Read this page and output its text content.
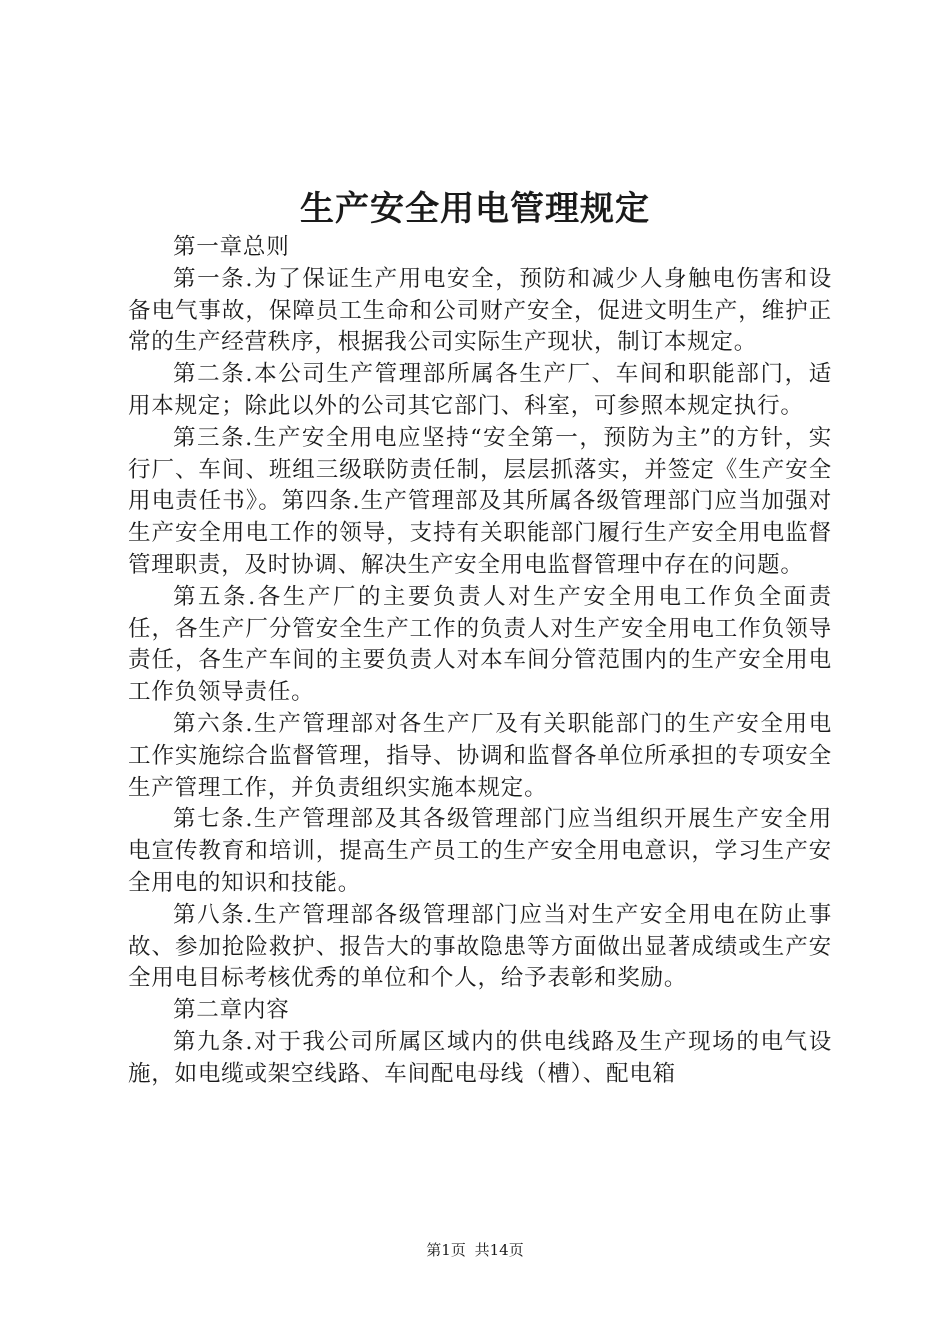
生产安全用电管理规定

第一章总则

第一条.为了保证生产用电安全，预防和减少人身触电伤害和设备电气事故，保障员工生命和公司财产安全，促进文明生产，维护正常的生产经营秩序，根据我公司实际生产现状，制订本规定。

第二条.本公司生产管理部所属各生产厂、车间和职能部门，适用本规定；除此以外的公司其它部门、科室，可参照本规定执行。

第三条.生产安全用电应坚持“安全第一，预防为主”的方针，实行厂、车间、班组三级联防责任制，层层抓落实，并签定《生产安全用电责任书》。第四条.生产管理部及其所属各级管理部门应当加强对生产安全用电工作的领导，支持有关职能部门履行生产安全用电监督管理职责，及时协调、解决生产安全用电监督管理中存在的问题。

第五条.各生产厂的主要负责人对生产安全用电工作负全面责任，各生产厂分管安全生产工作的负责人对生产安全用电工作负领导责任，各生产车间的主要负责人对本车间分管范围内的生产安全用电工作负领导责任。

第六条.生产管理部对各生产厂及有关职能部门的生产安全用电工作实施综合监督管理，指导、协调和监督各单位所承担的专项安全生产管理工作，并负责组织实施本规定。

第七条.生产管理部及其各级管理部门应当组织开展生产安全用电宣传教育和培训，提高生产员工的生产安全用电意识，学习生产安全用电的知识和技能。

第八条.生产管理部各级管理部门应当对生产安全用电在防止事故、参加抢险救护、报告大的事故隐患等方面做出显著成绩或生产安全用电目标考核优秀的单位和个人，给予表彰和奖励。

第二章内容

第九条.对于我公司所属区域内的供电线路及生产现场的电气设施，如电缆或架空线路、车间配电母线（槽）、配电箱

第1页 共14页
